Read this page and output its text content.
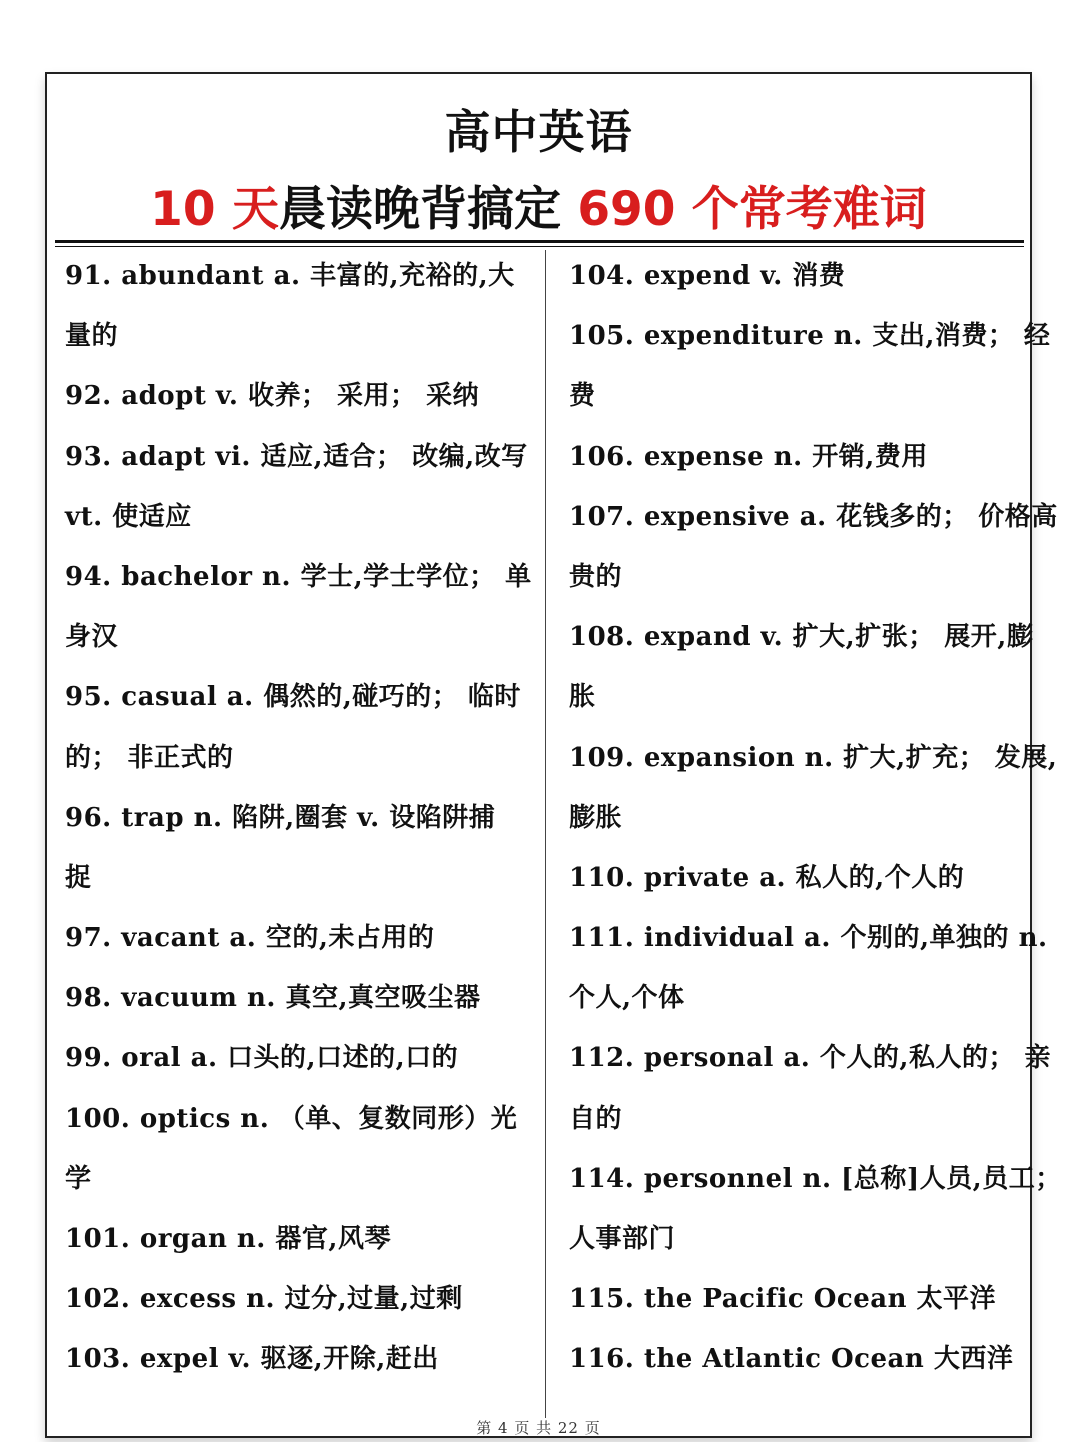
高中英语
10 天晨读晚背搞定 690 个常考难词
91. abundant a. 丰富的,充裕的,大
量的
92. adopt v. 收养； 采用； 采纳
93. adapt vi. 适应,适合； 改编,改写
vt. 使适应
94. bachelor n. 学士,学士学位； 单
身汉
95. casual a. 偶然的,碰巧的； 临时
的； 非正式的
96. trap n. 陷阱,圈套 v. 设陷阱捕
捉
97. vacant a. 空的,未占用的
98. vacuum n. 真空,真空吸尘器
99. oral a. 口头的,口述的,口的
100. optics n. （单、复数同形）光
学
101. organ n. 器官,风琴
102. excess n. 过分,过量,过剩
103. expel v. 驱逐,开除,赶出
104. expend v. 消费
105. expenditure n. 支出,消费； 经
费
106. expense n. 开销,费用
107. expensive a. 花钱多的； 价格高
贵的
108. expand v. 扩大,扩张； 展开,膨
胀
109. expansion n. 扩大,扩充； 发展,
膨胀
110. private a. 私人的,个人的
111. individual a. 个别的,单独的 n.
个人,个体
112. personal a. 个人的,私人的； 亲
自的
114. personnel n. [总称]人员,员工；
人事部门
115. the Pacific Ocean 太平洋
116. the Atlantic Ocean 大西洋
第 4 页 共 22 页
